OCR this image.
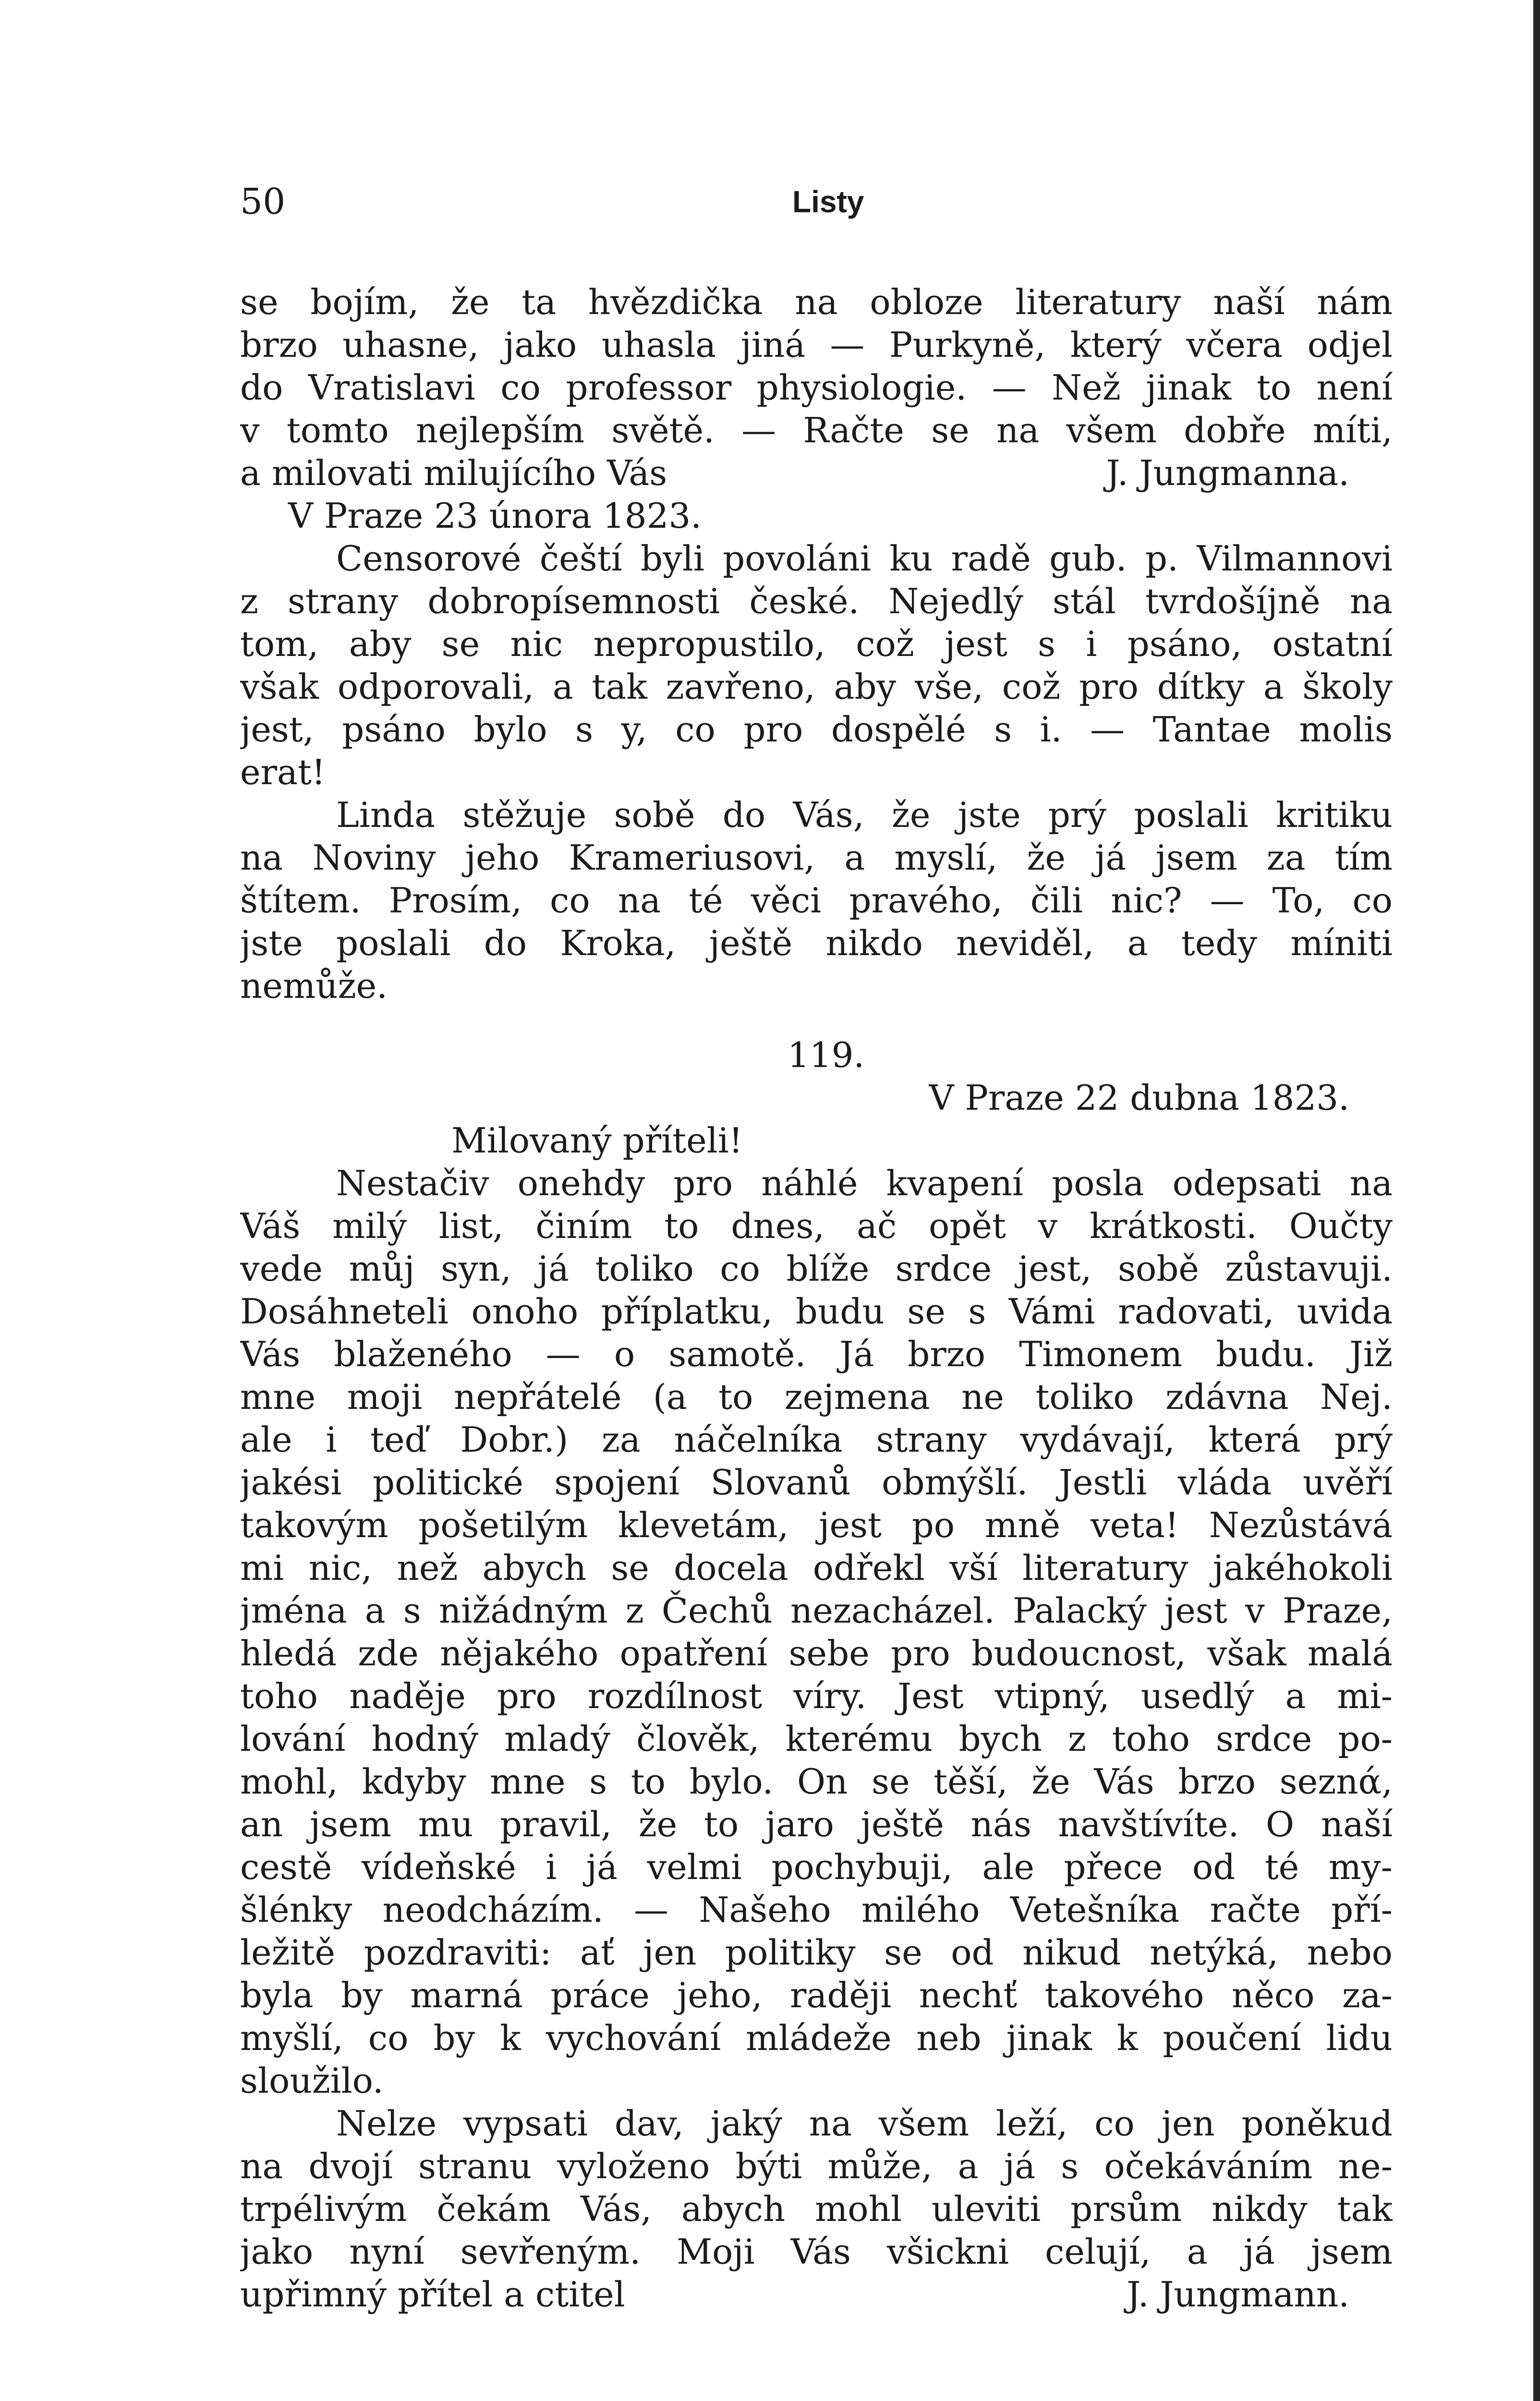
50	Listy
se bojím, že ta hvězdička na obloze literatury naší nám
brzo uhasne, jako uhasla jiná — Purkyně, který včera odjel
do Vratislavi co professor physiologie. — Než jinak to není
v tomto nejlepším světě. — Račte se na všem dobře míti,
a milovati milujícího Vás	J. Jungmanna.
V Praze 23 února 1823.
Censorové čeští byli povoláni ku radě gub. p. Vilmannovi
z strany dobropísemnosti české. Nejedlý stál tvrdošíjně na
tom, aby se nic nepropustilo, což jest s i psáno, ostatní
však odporovali, a tak zavřeno, aby vše, což pro dítky a školy
jest, psáno bylo s y, co pro dospělé s i. — Tantae molis
erat!
Linda stěžuje sobě do Vás, že jste prý poslali kritiku
na Noviny jeho Krameriusovi, a myslí, že já jsem za tím
štítem. Prosím, co na té věci pravého, čili nic? — To, co
jste poslali do Kroka, ještě nikdo neviděl, a tedy míniti
nemůže.
119.
V Praze 22 dubna 1823.
Milovaný příteli!
Nestačiv onehdy pro náhlé kvapení posla odepsati na
Váš milý list, činím to dnes, ač opět v krátkosti. Oučty
vede můj syn, já toliko co blíže srdce jest, sobě zůstavuji.
Dosáhneteli onoho příplatku, budu se s Vámi radovati, uvida
Vás blaženého — o samotě. Já brzo Timonem budu. Již
mne moji nepřátelé (a to zejmena ne toliko zdávna Nej.
ale i teď Dobr.) za náčelníka strany vydávají, která prý
jakési politické spojení Slovanů obmýšlí. Jestli vláda uvěří
takovým pošetilým klevetám, jest po mně veta! Nezůstává
mi nic, než abych se docela odřekl vší literatury jakéhokoli
jména a s nižádným z Čechů nezacházel. Palacký jest v Praze,
hledá zde nějakého opatření sebe pro budoucnost, však malá
toho naděje pro rozdílnost víry. Jest vtipný, usedlý a mi-
lování hodný mladý člověk, kterému bych z toho srdce po-
mohl, kdyby mne s to bylo. On se těší, že Vás brzo seznά,
an jsem mu pravil, že to jaro ještě nás navštívíte. O naší
cestě vídeňské i já velmi pochybuji, ale přece od té my-
šlénky neodcházím. — Našeho milého Vetešníka račte pří-
ležitě pozdraviti: ať jen politiky se od nikud netýká, nebo
byla by marná práce jeho, raději nechť takového něco za-
myšlí, co by k vychování mládeže neb jinak k poučení lidu
sloužilo.
Nelze vypsati dav, jaký na všem leží, co jen poněkud
na dvojí stranu vyloženo býti může, a já s očekáváním ne-
trpélivým čekám Vás, abych mohl uleviti prsům nikdy tak
jako nyní sevřeným. Moji Vás všickni celují, a já jsem
upřimný přítel a ctitel	J. Jungmann.
